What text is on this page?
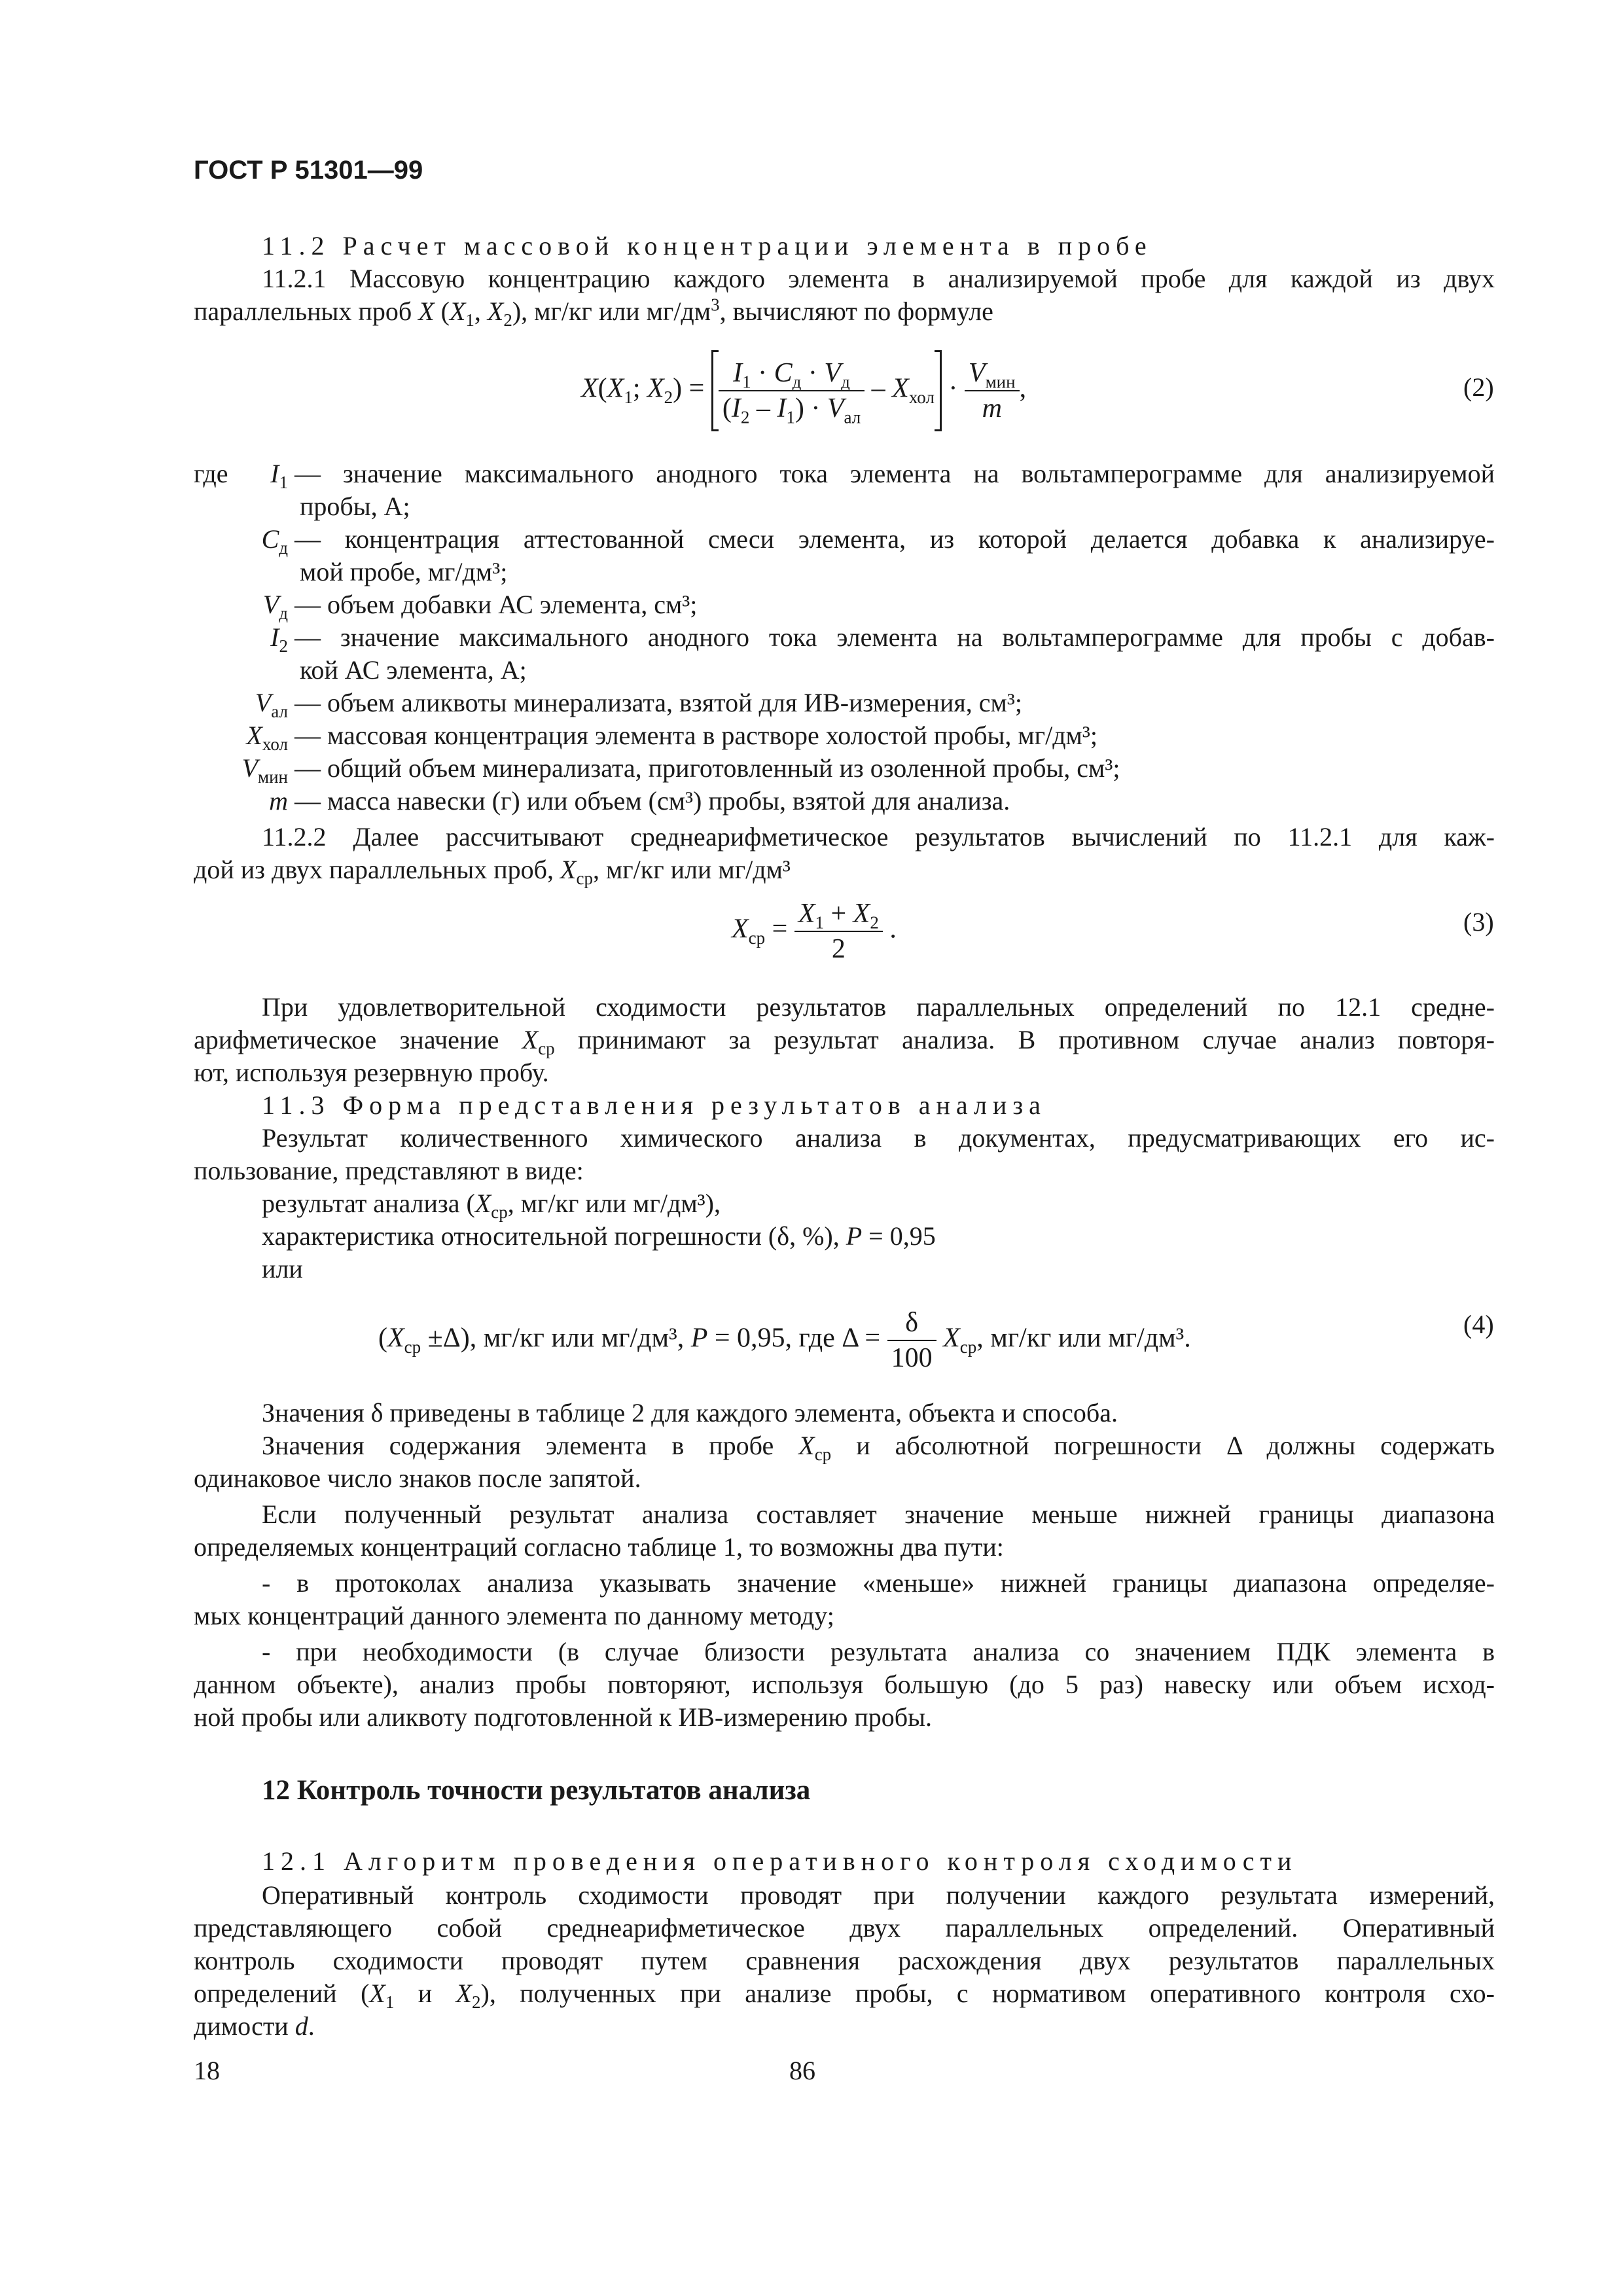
ГОСТ Р 51301—99
11.2 Расчет массовой концентрации элемента в пробе
11.2.1 Массовую концентрацию каждого элемента в анализируемой пробе для каждой из двух
параллельных проб X ($X_1$, $X_2$), мг/кг или $мг/дм^3$, вычисляют по формуле
$X(X_1$; $X_2) = \frac{I_1 \cdot C_д \cdot V_д}{(I_2 - I_1) \cdot V_{ал}} - X_{хол} \cdot \frac{V_{мин}}{m}$ ,	(2)
где	$I_1$ — значение максимального анодного тока элемента на вольтамперограмме для анализируемой
пробы, А;
$C_д$ — концентрация аттестованной смеси элемента, из которой делается добавка к анализируе-
мой пробе, мг/дм³;
$V_д$ — объем добавки АС элемента, см³;
$I_2$ — значение максимального анодного тока элемента на вольтамперограмме для пробы с добав-
кой АС элемента, А;
$V_{ал}$ — объем аликвоты минерализата, взятой для ИВ-измерения, см³;
$X_{хол}$ — массовая концентрация элемента в растворе холостой пробы, мг/дм³;
$V_{мин}$ — общий объем минерализата, приготовленный из озоленной пробы, см³;
m — масса навески (г) или объем (см³) пробы, взятой для анализа.
11.2.2 Далее рассчитывают среднеарифметическое результатов вычислений по 11.2.1 для каж-
дой из двух параллельных проб, $X_{ср}$, мг/кг или мг/дм³
$X_{ср} = \frac{X_1 + X_2}{2}$ .	(3)
При удовлетворительной сходимости результатов параллельных определений по 12.1 средне-
арифметическое значение $X_{ср}$ принимают за результат анализа. В противном случае анализ повторя-
ют, используя резервную пробу.
11.3 Форма представления результатов анализа
Результат количественного химического анализа в документах, предусматривающих его ис-
пользование, представляют в виде:
результат анализа ($X_{ср}$, мг/кг или мг/дм³),
характеристика относительной погрешности (δ, %), P = 0,95
или
$(X_{ср} \pm\Delta)$, мг/кг или мг/дм³, P = 0,95, где $\Delta = \frac{\delta}{100} X_{ср}$, мг/кг или мг/дм³.	(4)
Значения δ приведены в таблице 2 для каждого элемента, объекта и способа.
Значения содержания элемента в пробе $X_{ср}$ и абсолютной погрешности Δ должны содержать
одинаковое число знаков после запятой.
Если полученный результат анализа составляет значение меньше нижней границы диапазона
определяемых концентраций согласно таблице 1, то возможны два пути:
- в протоколах анализа указывать значение «меньше» нижней границы диапазона определяе-
мых концентраций данного элемента по данному методу;
- при необходимости (в случае близости результата анализа со значением ПДК элемента в
данном объекте), анализ пробы повторяют, используя большую (до 5 раз) навеску или объем исход-
ной пробы или аликвоту подготовленной к ИВ-измерению пробы.
12 Контроль точности результатов анализа
12.1 Алгоритм проведения оперативного контроля сходимости
Оперативный контроль сходимости проводят при получении каждого результата измерений,
представляющего собой среднеарифметическое двух параллельных определений. Оперативный
контроль сходимости проводят путем сравнения расхождения двух результатов параллельных
определений ($X_1$ и $X_2$), полученных при анализе пробы, с нормативом оперативного контроля схо-
димости d.
18	86
